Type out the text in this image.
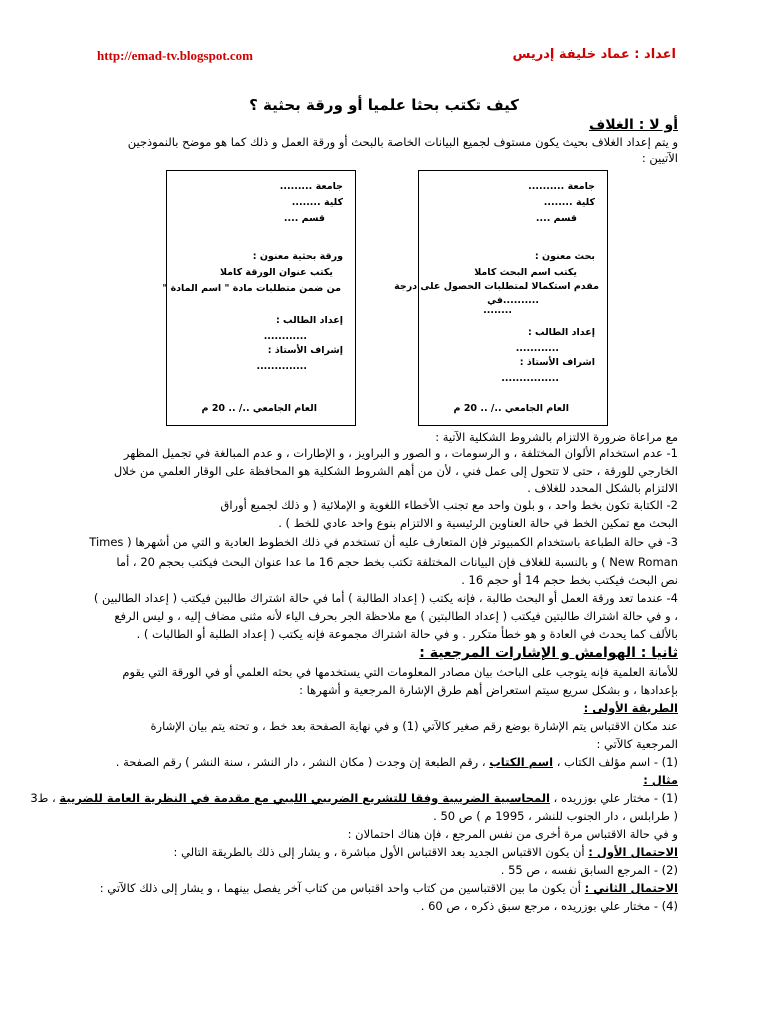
http://emad-tv.blogspot.com	اعداد : عماد خليفة إدريس
كيف تكتب بحثا علميا أو ورقة بحثية ؟
أو لا : الغلاف
و يتم إعداد الغلاف بحيث يكون مستوف لجميع البيانات الخاصة بالبحث أو ورقة العمل و ذلك كما هو موضح بالنموذجين
الآتيين :
جامعة ..........
كلية ........
قسم ....
بحث معنون :
يكتب اسم البحث كاملا
مقدم استكمالا لمتطلبات الحصول على درجة
..........في
........
إعداد الطالب :
............
اشراف الأستاذ :
................
العام الجامعي ../ .. 20 م
جامعة .........
كلية ........
قسم ....
ورقة بحثية معنون :
يكتب عنوان الورقة كاملا
من ضمن متطلبات مادة " اسم المادة "
إعداد الطالب :
............
إشراف الأستاذ :
..............
العام الجامعي ../ .. 20 م
مع مراعاة ضرورة الالتزام بالشروط الشكلية الآتية :
1- عدم استخدام الألوان المختلفة ، و الرسومات ، و الصور و البراويز ، و الإطارات ، و عدم المبالغة في تجميل المظهر
الخارجي للورقة ، حتى لا تتحول إلى عمل فني ، لأن من أهم الشروط الشكلية هو المحافظة على الوقار العلمي من خلال
الالتزام بالشكل المحدد للغلاف .
2- الكتابة تكون بخط واحد ، و بلون واحد مع تجنب الأخطاء اللغوية و الإملائية ( و ذلك لجميع أوراق
البحث مع تمكين الخط في حالة العناوين الرئيسية و الالتزام بنوع واحد عادي للخط ) .
3- في حالة الطباعة باستخدام الكمبيوتر فإن المتعارف عليه أن تستخدم في ذلك الخطوط العادية و التي من أشهرها ( Times
New Roman ) و بالنسبة للغلاف فإن البيانات المختلفة تكتب بخط حجم 16 ما عدا عنوان البحث فيكتب بحجم 20 ، أما
نص البحث فيكتب بخط حجم 14 أو حجم 16 .
4- عندما تعد ورقة العمل أو البحث طالبة ، فإنه يكتب ( إعداد الطالبة ) أما في حالة اشتراك طالبين فيكتب ( إعداد الطالبين )
، و في حالة اشتراك طالبتين فيكتب ( إعداد الطالبتين ) مع ملاحظة الجر بحرف الياء لأنه مثنى مضاف إليه ، و ليس الرفع
بالألف كما يحدث في العادة و هو خطأ متكرر . و في حالة اشتراك مجموعة فإنه يكتب ( إعداد الطلبة أو الطالبات ) .
ثانيا : الهوامش و الإشارات المرجعية :
للأمانة العلمية فإنه يتوجب على الباحث بيان مصادر المعلومات التي يستخدمها في بحثه العلمي أو في الورقة التي يقوم
بإعدادها ، و بشكل سريع سيتم استعراض أهم طرق الإشارة المرجعية و أشهرها :
الطريقة الأولى :
عند مكان الاقتباس يتم الإشارة بوضع رقم صغير كالآتي (1) و في نهاية الصفحة بعد خط ، و تحته يتم بيان الإشارة
المرجعية كالآتي :
(1) - اسم مؤلف الكتاب ، اسم الكتاب ، رقم الطبعة إن وجدت ( مكان النشر ، دار النشر ، سنة النشر ) رقم الصفحة .
مثال :
(1) - مختار علي بوزريده ، المحاسبية الضريبية وفقا للتشريع الضريبي الليبي مع مقدمة في النظرية العامة للضريبة ، ط3
( طرابلس ، دار الجنوب للنشر ، 1995 م ) ص 50 .
و في حالة الاقتباس مرة أخرى من نفس المرجع ، فإن هناك احتمالان :
الاحتمال الأول : أن يكون الاقتباس الجديد بعد الاقتباس الأول مباشرة ، و يشار إلى ذلك بالطريقة التالي :
(2) - المرجع السابق نفسه ، ص 55 .
الاحتمال الثاني : أن يكون ما بين الاقتباسين من كتاب واحد اقتباس من كتاب آخر يفصل بينهما ، و يشار إلى ذلك كالآتي :
(4) - مختار علي بوزريده ، مرجع سبق ذكره ، ص 60 .
